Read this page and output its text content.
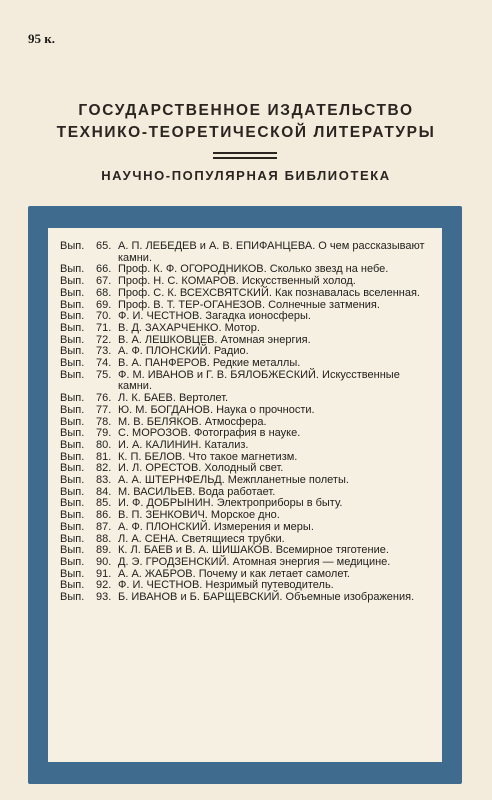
95 к.
ГОСУДАРСТВЕННОЕ ИЗДАТЕЛЬСТВО
ТЕХНИКО-ТЕОРЕТИЧЕСКОЙ ЛИТЕРАТУРЫ
НАУЧНО-ПОПУЛЯРНАЯ БИБЛИОТЕКА
Вып.	65. А. П. ЛЕБЕДЕВ и А. В. ЕПИФАНЦЕВА. О чем рассказывают камни.
Вып.	66. Проф. К. Ф. ОГОРОДНИКОВ. Сколько звезд на небе.
Вып.	67. Проф. Н. С. КОМАРОВ. Искусственный холод.
Вып.	68. Проф. С. К. ВСЕХСВЯТСКИЙ. Как познавалась вселенная.
Вып.	69. Проф. В. Т. ТЕР-ОГАНЕЗОВ. Солнечные затмения.
Вып.	70. Ф. И. ЧЕСТНОВ. Загадка ионосферы.
Вып.	71. В. Д. ЗАХАРЧЕНКО. Мотор.
Вып.	72. В. А. ЛЕШКОВЦЕВ. Атомная энергия.
Вып.	73. А. Ф. ПЛОНСКИЙ. Радио.
Вып.	74. В. А. ПАНФЕРОВ. Редкие металлы.
Вып.	75. Ф. М. ИВАНОВ и Г. В. БЯЛОБЖЕСКИЙ. Искусственные камни.
Вып.	76. Л. К. БАЕВ. Вертолет.
Вып.	77. Ю. М. БОГДАНОВ. Наука о прочности.
Вып.	78. М. В. БЕЛЯКОВ. Атмосфера.
Вып.	79. С. МОРОЗОВ. Фотография в науке.
Вып.	80. И. А. КАЛИНИН. Катализ.
Вып.	81. К. П. БЕЛОВ. Что такое магнетизм.
Вып.	82. И. Л. ОРЕСТОВ. Холодный свет.
Вып.	83. А. А. ШТЕРНФЕЛЬД. Межпланетные полеты.
Вып.	84. М. ВАСИЛЬЕВ. Вода работает.
Вып.	85. И. Ф. ДОБРЫНИН. Электроприборы в быту.
Вып.	86. В. П. ЗЕНКОВИЧ. Морское дно.
Вып.	87. А. Ф. ПЛОНСКИЙ. Измерения и меры.
Вып.	88. Л. А. СЕНА. Светящиеся трубки.
Вып.	89. К. Л. БАЕВ и В. А. ШИШАКОВ. Всемирное тяготение.
Вып.	90. Д. Э. ГРОДЗЕНСКИЙ. Атомная энергия — медицине.
Вып.	91. А. А. ЖАБРОВ. Почему и как летает самолет.
Вып.	92. Ф. И. ЧЕСТНОВ. Незримый путеводитель.
Вып.	93. Б. ИВАНОВ и Б. БАРЩЕВСКИЙ. Объемные изображения.
